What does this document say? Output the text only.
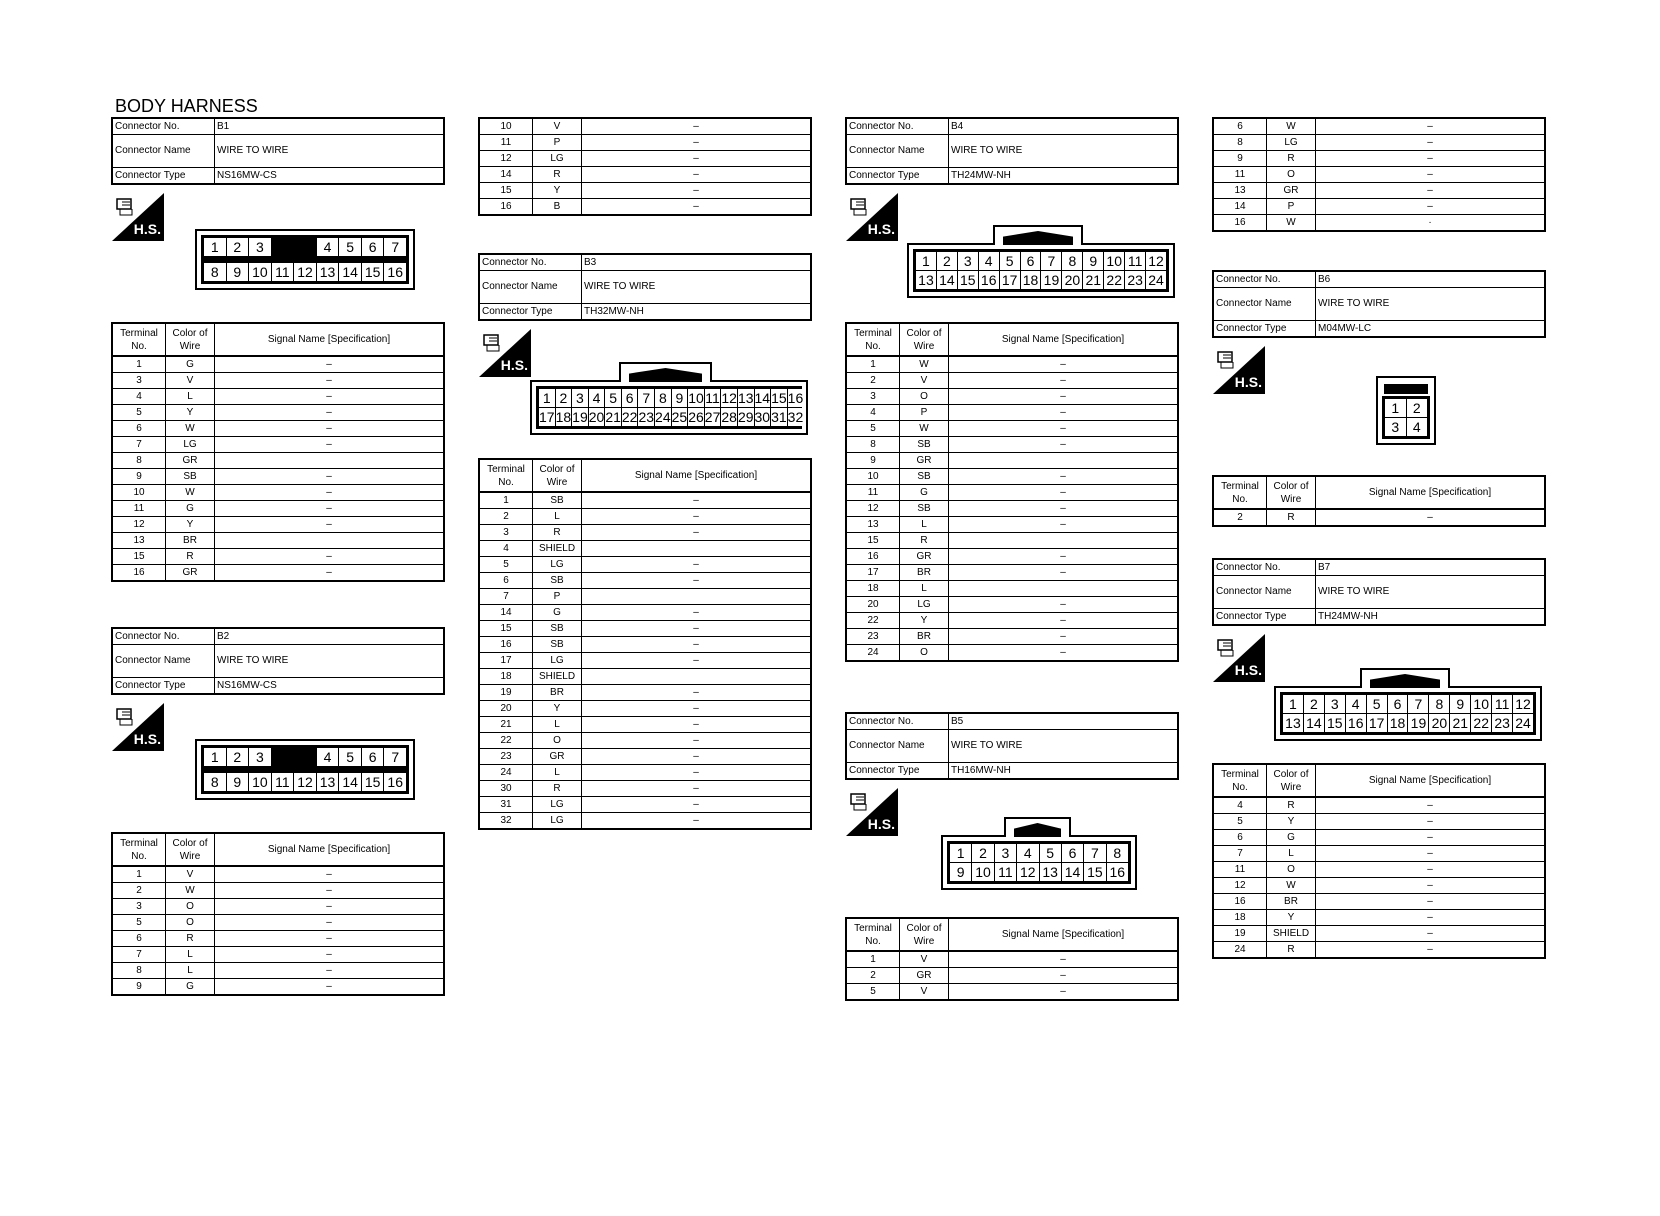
BODY HARNESS
Connector No.	B1
Connector Name	WIRE TO WIRE
Connector Type	NS16MW-CS
Connector No.	B2
Connector Name	WIRE TO WIRE
Connector Type	NS16MW-CS
Connector No.	B3
Connector Name	WIRE TO WIRE
Connector Type	TH32MW-NH
Connector No.	B4
Connector Name	WIRE TO WIRE
Connector Type	TH24MW-NH
Connector No.	B5
Connector Name	WIRE TO WIRE
Connector Type	TH16MW-NH
Connector No.	B6
Connector Name	WIRE TO WIRE
Connector Type	M04MW-LC
Connector No.	B7
Connector Name	WIRE TO WIRE
Connector Type	TH24MW-NH
H.S.
H.S.
H.S.
H.S.
H.S.
H.S.
H.S.
1	2	3	4	5	6	7
8	9 10 11 12 13 14 15 16
1	2	3	4	5	6	7
8	9 10 11 12 13 14 15 16
1 2 3 4 5 6 7 8 9 10 11 12 13 14 15 16
17 18 19 20 21 22 23 24 25 26 27 28 29 30 31 32
1 2 3 4 5 6 7 8 9 10 11 12
13 14 15 16 17 18 19 20 21 22 23 24
1	2	3	4	5	6	7	8
9 10 11 12 13 14 15 16
1 2
3 4
1 2 3 4 5 6 7 8 9 10 11 12
13 14 15 16 17 18 19 20 21 22 23 24
Terminal No.	Color of Wire	Signal Name [Specification]
1	G	–
3	V	–
4	L	–
5	Y	–
6	W	–
7	LG	–
8	GR	
9	SB	–
10	W	–
11	G	–
12	Y	–
13	BR	
15	R	–
16	GR	–
Terminal No.	Color of Wire	Signal Name [Specification]
1	V	–
2	W	–
3	O	–
5	O	–
6	R	–
7	L	–
8	L	–
9	G	–
10	V	–
11	P	–
12	LG	–
14	R	–
15	Y	–
16	B	–
Terminal No.	Color of Wire	Signal Name [Specification]
1	SB	–
2	L	–
3	R	–
4	SHIELD	
5	LG	–
6	SB	–
7	P	
14	G	–
15	SB	–
16	SB	–
17	LG	–
18	SHIELD	
19	BR	–
20	Y	–
21	L	–
22	O	–
23	GR	–
24	L	–
30	R	–
31	LG	–
32	LG	–
Terminal No.	Color of Wire	Signal Name [Specification]
1	W	–
2	V	–
3	O	–
4	P	–
5	W	–
8	SB	–
9	GR	
10	SB	–
11	G	–
12	SB	–
13	L	–
15	R	
16	GR	–
17	BR	–
18	L	
20	LG	–
22	Y	–
23	BR	–
24	O	–
Terminal No.	Color of Wire	Signal Name [Specification]
1	V	–
2	GR	–
5	V	–
6	W	–
8	LG	–
9	R	–
11	O	–
13	GR	–
14	P	–
16	W	·
Terminal No.	Color of Wire	Signal Name [Specification]
2	R	–
Terminal No.	Color of Wire	Signal Name [Specification]
4	R	–
5	Y	–
6	G	–
7	L	–
11	O	–
12	W	–
16	BR	–
18	Y	–
19	SHIELD	–
24	R	–
